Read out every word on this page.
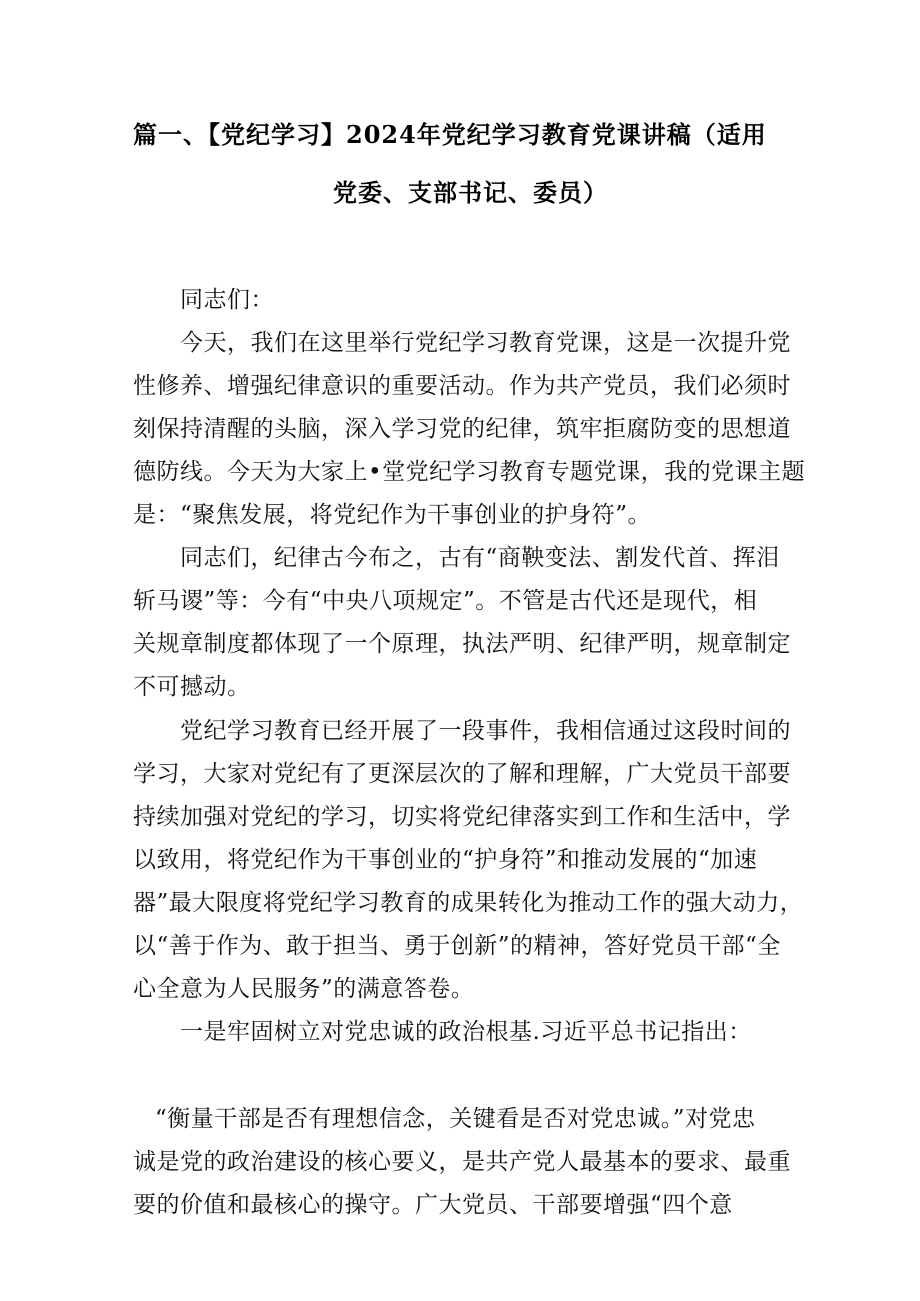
篇一、【党纪学习】2024年党纪学习教育党课讲稿（适用
党委、支部书记、委员）
同志们：
今天，我们在这里举行党纪学习教育党课，这是一次提升党
性修养、增强纪律意识的重要活动。作为共产党员，我们必须时
刻保持清醒的头脑，深入学习党的纪律，筑牢拒腐防变的思想道
德防线。今天为大家上•堂党纪学习教育专题党课，我的党课主题
是：“聚焦发展，将党纪作为干事创业的护身符”。
同志们，纪律古今布之，古有“商鞅变法、割发代首、挥泪
斩马谡”等：今有“中央八项规定”。不管是古代还是现代，相
关规章制度都体现了一个原理，执法严明、纪律严明，规章制定
不可撼动。
党纪学习教育已经开展了一段事件，我相信通过这段时间的
学习，大家对党纪有了更深层次的了解和理解，广大党员干部要
持续加强对党纪的学习，切实将党纪律落实到工作和生活中，学
以致用，将党纪作为干事创业的“护身符”和推动发展的“加速
器”最大限度将党纪学习教育的成果转化为推动工作的强大动力，
以“善于作为、敢于担当、勇于创新”的精神，答好党员干部“全
心全意为人民服务”的满意答卷。
一是牢固树立对党忠诚的政治根基.习近平总书记指出：
“衡量干部是否有理想信念，关键看是否对党忠诚。”对党忠
诚是党的政治建设的核心要义，是共产党人最基本的要求、最重
要的价值和最核心的操守。广大党员、干部要增强“四个意
